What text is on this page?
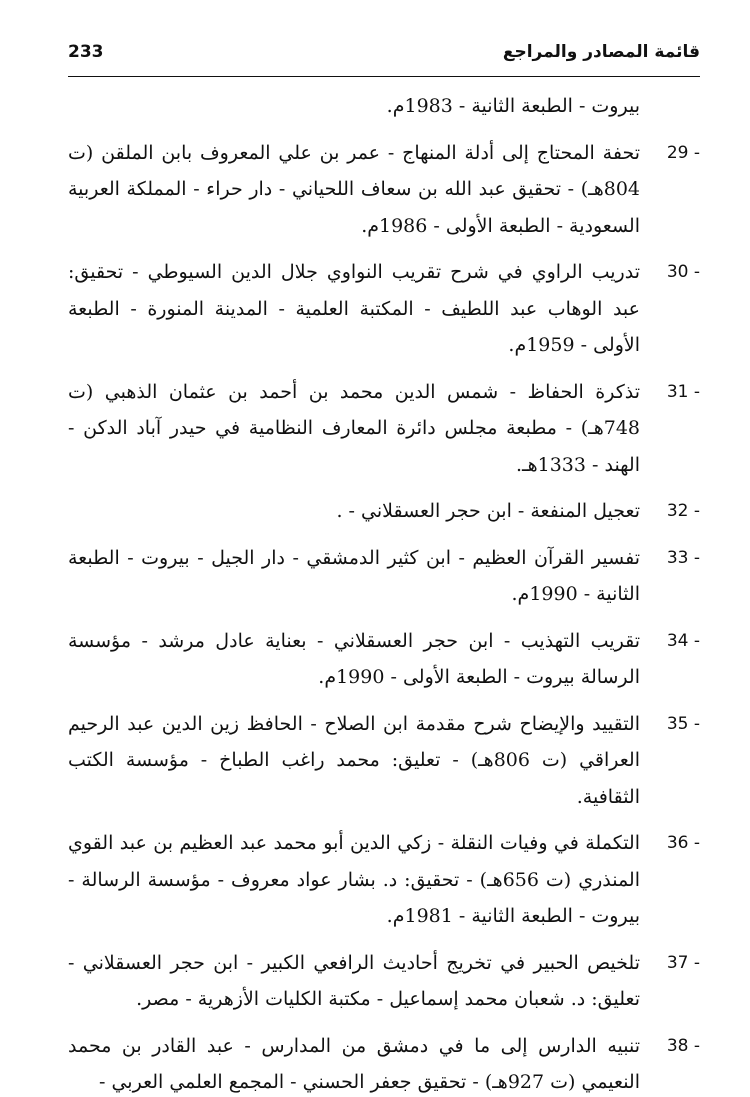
233	قائمة المصادر والمراجع

بيروت - الطبعة الثانية - 1983م.

29 -
تحفة المحتاج إلى أدلة المنهاج - عمر بن علي المعروف بابن الملقن (ت 804هـ) - تحقيق عبد الله بن سعاف اللحياني - دار حراء - المملكة العربية السعودية - الطبعة الأولى - 1986م.
30 -
تدريب الراوي في شرح تقريب النواوي جلال الدين السيوطي - تحقيق: عبد الوهاب عبد اللطيف - المكتبة العلمية - المدينة المنورة - الطبعة الأولى - 1959م.
31 -
تذكرة الحفاظ - شمس الدين محمد بن أحمد بن عثمان الذهبي (ت 748هـ) - مطبعة مجلس دائرة المعارف النظامية في حيدر آباد الدكن - الهند - 1333هـ.
32 -
تعجيل المنفعة - ابن حجر العسقلاني - .
33 -
تفسير القرآن العظيم - ابن كثير الدمشقي - دار الجيل - بيروت - الطبعة الثانية - 1990م.
34 -
تقريب التهذيب - ابن حجر العسقلاني - بعناية عادل مرشد - مؤسسة الرسالة بيروت - الطبعة الأولى - 1990م.
35 -
التقييد والإيضاح شرح مقدمة ابن الصلاح - الحافظ زين الدين عبد الرحيم العراقي (ت 806هـ) - تعليق: محمد راغب الطباخ - مؤسسة الكتب الثقافية.
36 -
التكملة في وفيات النقلة - زكي الدين أبو محمد عبد العظيم بن عبد القوي المنذري (ت 656هـ) - تحقيق: د. بشار عواد معروف - مؤسسة الرسالة - بيروت - الطبعة الثانية - 1981م.
37 -
تلخيص الحبير في تخريج أحاديث الرافعي الكبير - ابن حجر العسقلاني - تعليق: د. شعبان محمد إسماعيل - مكتبة الكليات الأزهرية - مصر.
38 -
تنبيه الدارس إلى ما في دمشق من المدارس - عبد القادر بن محمد النعيمي (ت 927هـ) - تحقيق جعفر الحسني - المجمع العلمي العربي -
